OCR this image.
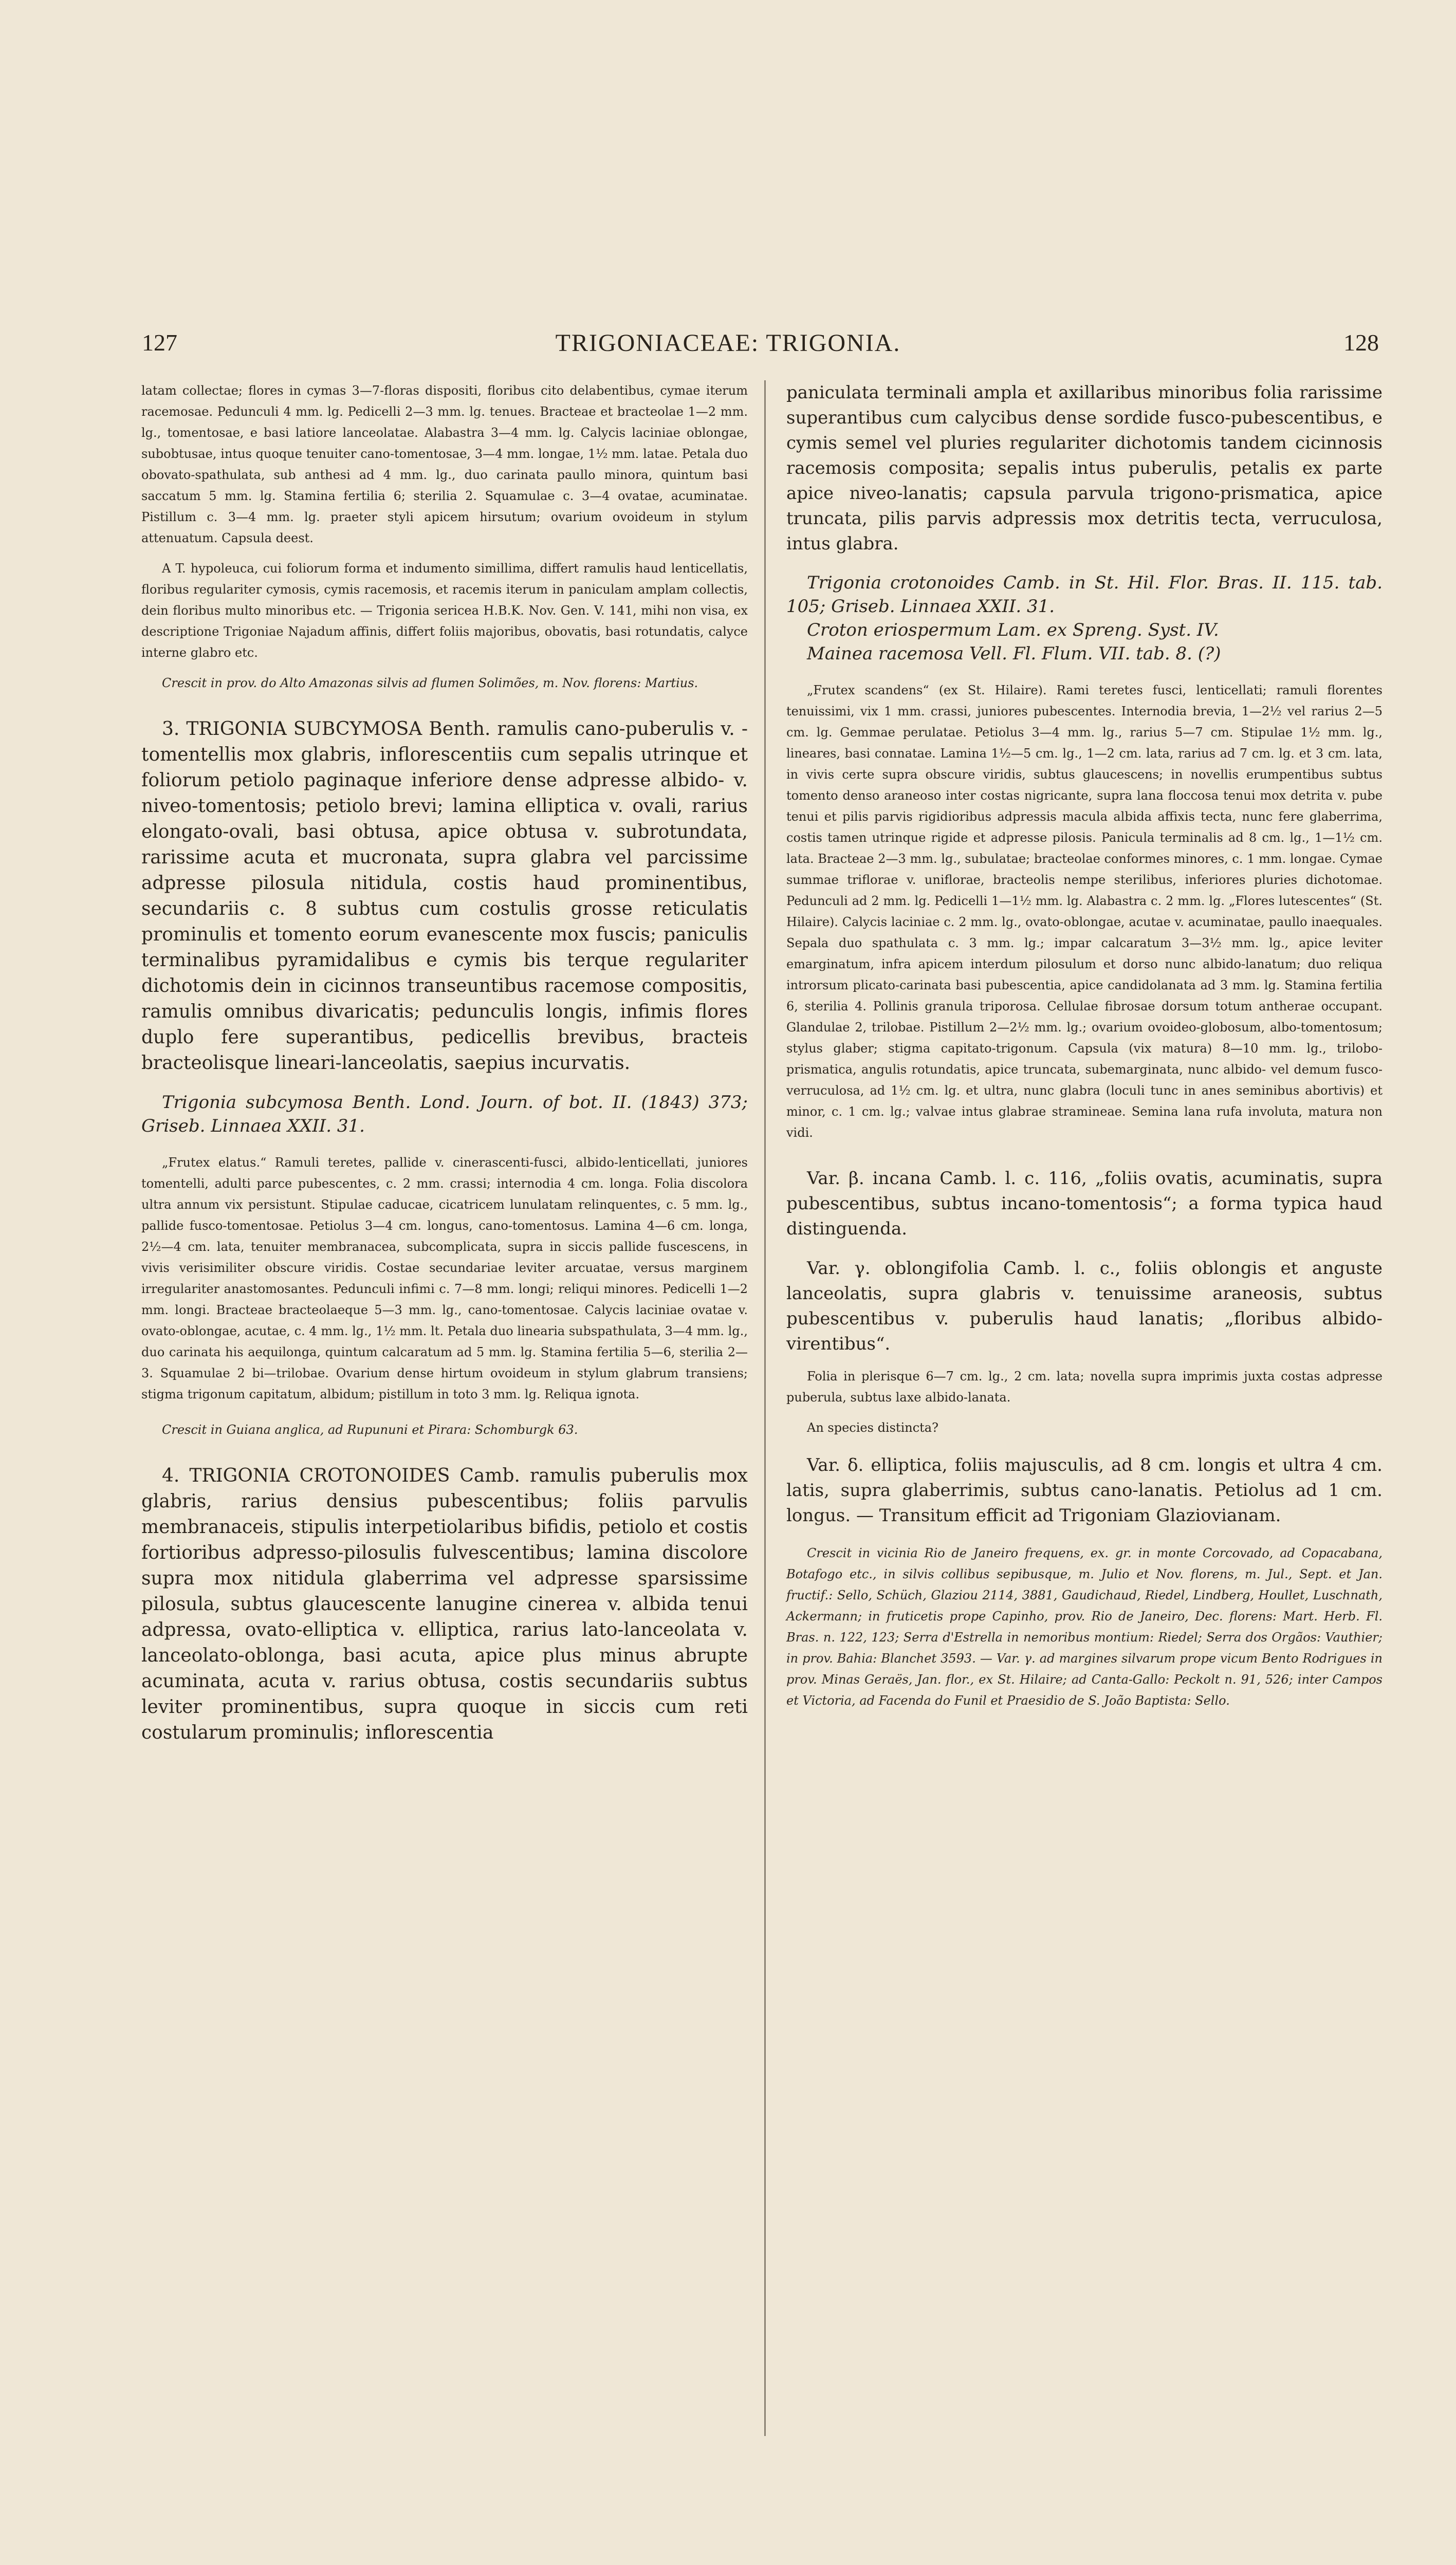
127	TRIGONIACEAE: TRIGONIA.	128

latam collectae; flores in cymas 3—7-floras dispositi, floribus cito delabentibus, cymae iterum racemosae. Pedunculi 4 mm. lg. Pedicelli 2—3 mm. lg. tenues. Bracteae et bracteolae 1—2 mm. lg., tomentosae, e basi latiore lanceolatae. Alabastra 3—4 mm. lg. Calycis laciniae oblongae, subobtusae, intus quoque tenuiter cano-tomentosae, 3—4 mm. longae, 1½ mm. latae. Petala duo obovato-spathulata, sub anthesi ad 4 mm. lg., duo carinata paullo minora, quintum basi saccatum 5 mm. lg. Stamina fertilia 6; sterilia 2. Squamulae c. 3—4 ovatae, acuminatae. Pistillum c. 3—4 mm. lg. praeter styli apicem hirsutum; ovarium ovoideum in stylum attenuatum. Capsula deest.

A T. hypoleuca, cui foliorum forma et indumento simillima, differt ramulis haud lenticellatis, floribus regulariter cymosis, cymis racemosis, et racemis iterum in paniculam amplam collectis, dein floribus multo minoribus etc. — Trigonia sericea H.B.K. Nov. Gen. V. 141, mihi non visa, ex descriptione Trigoniae Najadum affinis, differt foliis majoribus, obovatis, basi rotundatis, calyce interne glabro etc.

Crescit in prov. do Alto Amazonas silvis ad flumen Solimões, m. Nov. florens: Martius.

3. TRIGONIA SUBCYMOSA Benth. ramulis cano-puberulis v. -tomentellis mox glabris, inflorescentiis cum sepalis utrinque et foliorum petiolo paginaque inferiore dense adpresse albido- v. niveo-tomentosis; petiolo brevi; lamina elliptica v. ovali, rarius elongato-ovali, basi obtusa, apice obtusa v. subrotundata, rarissime acuta et mucronata, supra glabra vel parcissime adpresse pilosula nitidula, costis haud prominentibus, secundariis c. 8 subtus cum costulis grosse reticulatis prominulis et tomento eorum evanescente mox fuscis; paniculis terminalibus pyramidalibus e cymis bis terque regulariter dichotomis dein in cicinnos transeuntibus racemose compositis, ramulis omnibus divaricatis; pedunculis longis, infimis flores duplo fere superantibus, pedicellis brevibus, bracteis bracteolisque lineari-lanceolatis, saepius incurvatis.

Trigonia subcymosa Benth. Lond. Journ. of bot. II. (1843) 373; Griseb. Linnaea XXII. 31.

„Frutex elatus.“ Ramuli teretes, pallide v. cinerascenti-fusci, albido-lenticellati, juniores tomentelli, adulti parce pubescentes, c. 2 mm. crassi; internodia 4 cm. longa. Folia discolora ultra annum vix persistunt. Stipulae caducae, cicatricem lunulatam relinquentes, c. 5 mm. lg., pallide fusco-tomentosae. Petiolus 3—4 cm. longus, cano-tomentosus. Lamina 4—6 cm. longa, 2½—4 cm. lata, tenuiter membranacea, subcomplicata, supra in siccis pallide fuscescens, in vivis verisimiliter obscure viridis. Costae secundariae leviter arcuatae, versus marginem irregulariter anastomosantes. Pedunculi infimi c. 7—8 mm. longi; reliqui minores. Pedicelli 1—2 mm. longi. Bracteae bracteolaeque 5—3 mm. lg., cano-tomentosae. Calycis laciniae ovatae v. ovato-oblongae, acutae, c. 4 mm. lg., 1½ mm. lt. Petala duo linearia subspathulata, 3—4 mm. lg., duo carinata his aequilonga, quintum calcaratum ad 5 mm. lg. Stamina fertilia 5—6, sterilia 2—3. Squamulae 2 bi—trilobae. Ovarium dense hirtum ovoideum in stylum glabrum transiens; stigma trigonum capitatum, albidum; pistillum in toto 3 mm. lg. Reliqua ignota.

Crescit in Guiana anglica, ad Rupununi et Pirara: Schomburgk 63.

4. TRIGONIA CROTONOIDES Camb. ramulis puberulis mox glabris, rarius densius pubescentibus; foliis parvulis membranaceis, stipulis interpetiolaribus bifidis, petiolo et costis fortioribus adpresso-pilosulis fulvescentibus; lamina discolore supra mox nitidula glaberrima vel adpresse sparsissime pilosula, subtus glaucescente lanugine cinerea v. albida tenui adpressa, ovato-elliptica v. elliptica, rarius lato-lanceolata v. lanceolato-oblonga, basi acuta, apice plus minus abrupte acuminata, acuta v. rarius obtusa, costis secundariis subtus leviter prominentibus, supra quoque in siccis cum reti costularum prominulis; inflorescentia

paniculata terminali ampla et axillaribus minoribus folia rarissime superantibus cum calycibus dense sordide fusco-pubescentibus, e cymis semel vel pluries regulariter dichotomis tandem cicinnosis racemosis composita; sepalis intus puberulis, petalis ex parte apice niveo-lanatis; capsula parvula trigono-prismatica, apice truncata, pilis parvis adpressis mox detritis tecta, verruculosa, intus glabra.

Trigonia crotonoides Camb. in St. Hil. Flor. Bras. II. 115. tab. 105; Griseb. Linnaea XXII. 31.

Croton eriospermum Lam. ex Spreng. Syst. IV.

Mainea racemosa Vell. Fl. Flum. VII. tab. 8. (?)

„Frutex scandens“ (ex St. Hilaire). Rami teretes fusci, lenticellati; ramuli florentes tenuissimi, vix 1 mm. crassi, juniores pubescentes. Internodia brevia, 1—2½ vel rarius 2—5 cm. lg. Gemmae perulatae. Petiolus 3—4 mm. lg., rarius 5—7 cm. Stipulae 1½ mm. lg., lineares, basi connatae. Lamina 1½—5 cm. lg., 1—2 cm. lata, rarius ad 7 cm. lg. et 3 cm. lata, in vivis certe supra obscure viridis, subtus glaucescens; in novellis erumpentibus subtus tomento denso araneoso inter costas nigricante, supra lana floccosa tenui mox detrita v. pube tenui et pilis parvis rigidioribus adpressis macula albida affixis tecta, nunc fere glaberrima, costis tamen utrinque rigide et adpresse pilosis. Panicula terminalis ad 8 cm. lg., 1—1½ cm. lata. Bracteae 2—3 mm. lg., subulatae; bracteolae conformes minores, c. 1 mm. longae. Cymae summae triflorae v. uniflorae, bracteolis nempe sterilibus, inferiores pluries dichotomae. Pedunculi ad 2 mm. lg. Pedicelli 1—1½ mm. lg. Alabastra c. 2 mm. lg. „Flores lutescentes“ (St. Hilaire). Calycis laciniae c. 2 mm. lg., ovato-oblongae, acutae v. acuminatae, paullo inaequales. Sepala duo spathulata c. 3 mm. lg.; impar calcaratum 3—3½ mm. lg., apice leviter emarginatum, infra apicem interdum pilosulum et dorso nunc albido-lanatum; duo reliqua introrsum plicato-carinata basi pubescentia, apice candidolanata ad 3 mm. lg. Stamina fertilia 6, sterilia 4. Pollinis granula triporosa. Cellulae fibrosae dorsum totum antherae occupant. Glandulae 2, trilobae. Pistillum 2—2½ mm. lg.; ovarium ovoideo-globosum, albo-tomentosum; stylus glaber; stigma capitato-trigonum. Capsula (vix matura) 8—10 mm. lg., trilobo-prismatica, angulis rotundatis, apice truncata, subemarginata, nunc albido- vel demum fusco-verruculosa, ad 1½ cm. lg. et ultra, nunc glabra (loculi tunc in anes seminibus abortivis) et minor, c. 1 cm. lg.; valvae intus glabrae stramineae. Semina lana rufa involuta, matura non vidi.

Var. β. incana Camb. l. c. 116, „foliis ovatis, acuminatis, supra pubescentibus, subtus incano-tomentosis“; a forma typica haud distinguenda.

Var. γ. oblongifolia Camb. l. c., foliis oblongis et anguste lanceolatis, supra glabris v. tenuissime araneosis, subtus pubescentibus v. puberulis haud lanatis; „floribus albido-virentibus“.

Folia in plerisque 6—7 cm. lg., 2 cm. lata; novella supra imprimis juxta costas adpresse puberula, subtus laxe albido-lanata.

An species distincta?

Var. δ. elliptica, foliis majusculis, ad 8 cm. longis et ultra 4 cm. latis, supra glaberrimis, subtus cano-lanatis. Petiolus ad 1 cm. longus. — Transitum efficit ad Trigoniam Glaziovianam.

Crescit in vicinia Rio de Janeiro frequens, ex. gr. in monte Corcovado, ad Copacabana, Botafogo etc., in silvis collibus sepibusque, m. Julio et Nov. florens, m. Jul., Sept. et Jan. fructif.: Sello, Schüch, Glaziou 2114, 3881, Gaudichaud, Riedel, Lindberg, Houllet, Luschnath, Ackermann; in fruticetis prope Capinho, prov. Rio de Janeiro, Dec. florens: Mart. Herb. Fl. Bras. n. 122, 123; Serra d'Estrella in nemoribus montium: Riedel; Serra dos Orgãos: Vauthier; in prov. Bahia: Blanchet 3593. — Var. γ. ad margines silvarum prope vicum Bento Rodrigues in prov. Minas Geraës, Jan. flor., ex St. Hilaire; ad Canta-Gallo: Peckolt n. 91, 526; inter Campos et Victoria, ad Facenda do Funil et Praesidio de S. João Baptista: Sello.
